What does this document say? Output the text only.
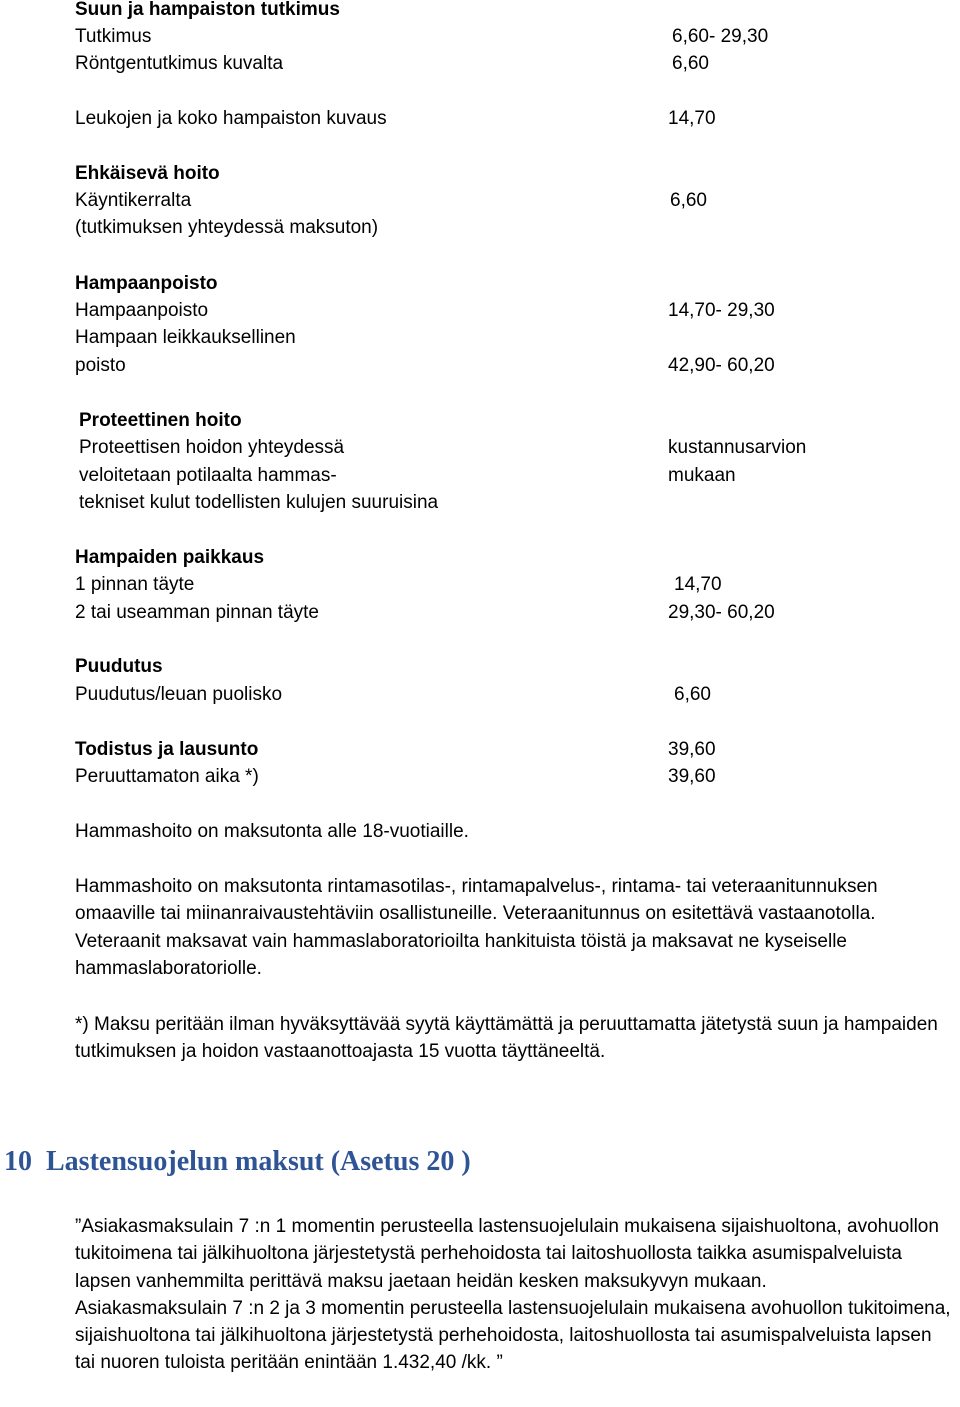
Suun ja hampaiston tutkimus
Tutkimus	6,60- 29,30
Röntgentutkimus kuvalta	6,60
Leukojen ja koko hampaiston kuvaus	14,70
Ehkäisevä hoito
Käyntikerralta	6,60
(tutkimuksen yhteydessä maksuton)
Hampaanpoisto
Hampaanpoisto	14,70- 29,30
Hampaan leikkauksellinen
poisto	42,90- 60,20
Proteettinen hoito
Proteettisen hoidon yhteydessä	kustannusarvion
veloitetaan potilaalta hammas-	mukaan
tekniset kulut todellisten kulujen suuruisina
Hampaiden paikkaus
1 pinnan täyte	14,70
2 tai useamman pinnan täyte	29,30- 60,20
Puudutus
Puudutus/leuan puolisko	6,60
Todistus ja lausunto	39,60
Peruuttamaton aika *)	39,60
Hammashoito on maksutonta alle 18-vuotiaille.

Hammashoito on maksutonta rintamasotilas-, rintamapalvelus-, rintama- tai veteraanitunnuksen omaaville tai miinanraivaustehtäviin osallistuneille. Veteraanitunnus on esitettävä vastaanotolla. Veteraanit maksavat vain hammaslaboratorioilta hankituista töistä ja maksavat ne kyseiselle hammaslaboratoriolle.

*) Maksu peritään ilman hyväksyttävää syytä käyttämättä ja peruuttamatta jätetystä suun ja hampaiden tutkimuksen ja hoidon vastaanottoajasta 15 vuotta täyttäneeltä.

10 Lastensuojelun maksut (Asetus 20 )

”Asiakasmaksulain 7 :n 1 momentin perusteella lastensuojelulain mukaisena sijaishuoltona, avohuollon tukitoimena tai jälkihuoltona järjestetystä perhehoidosta tai laitoshuollosta taikka asumispalveluista lapsen vanhemmilta perittävä maksu jaetaan heidän kesken maksukyvyn mukaan.

Asiakasmaksulain 7 :n 2 ja 3 momentin perusteella lastensuojelulain mukaisena avohuollon tukitoimena, sijaishuoltona tai jälkihuoltona järjestetystä perhehoidosta, laitoshuollosta tai asumispalveluista lapsen tai nuoren tuloista peritään enintään 1.432,40 /kk. ”
